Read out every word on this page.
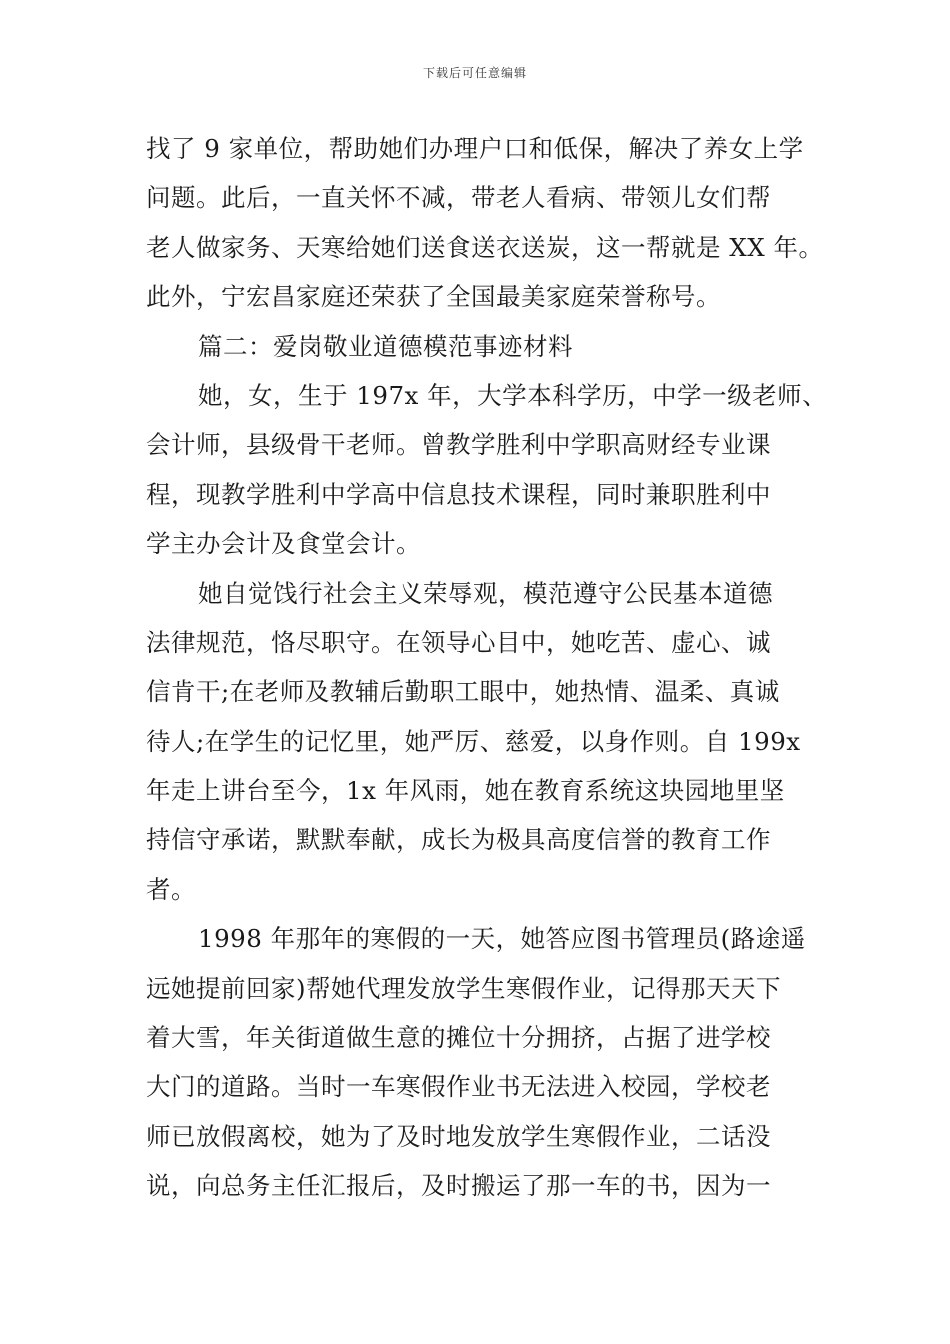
下载后可任意编辑
找了 9 家单位，帮助她们办理户口和低保，解决了养女上学
问题。此后，一直关怀不减，带老人看病、带领儿女们帮
老人做家务、天寒给她们送食送衣送炭，这一帮就是 XX 年。
此外，宁宏昌家庭还荣获了全国最美家庭荣誉称号。
篇二：爱岗敬业道德模范事迹材料
她，女，生于 197x 年，大学本科学历，中学一级老师、
会计师，县级骨干老师。曾教学胜利中学职高财经专业课
程，现教学胜利中学高中信息技术课程，同时兼职胜利中
学主办会计及食堂会计。
她自觉饯行社会主义荣辱观，模范遵守公民基本道德
法律规范，恪尽职守。在领导心目中，她吃苦、虚心、诚
信肯干;在老师及教辅后勤职工眼中，她热情、温柔、真诚
待人;在学生的记忆里，她严厉、慈爱，以身作则。自 199x
年走上讲台至今，1x 年风雨，她在教育系统这块园地里坚
持信守承诺，默默奉献，成长为极具高度信誉的教育工作
者。
1998 年那年的寒假的一天，她答应图书管理员(路途遥
远她提前回家)帮她代理发放学生寒假作业，记得那天天下
着大雪，年关街道做生意的摊位十分拥挤，占据了进学校
大门的道路。当时一车寒假作业书无法进入校园，学校老
师已放假离校，她为了及时地发放学生寒假作业，二话没
说，向总务主任汇报后，及时搬运了那一车的书，因为一
